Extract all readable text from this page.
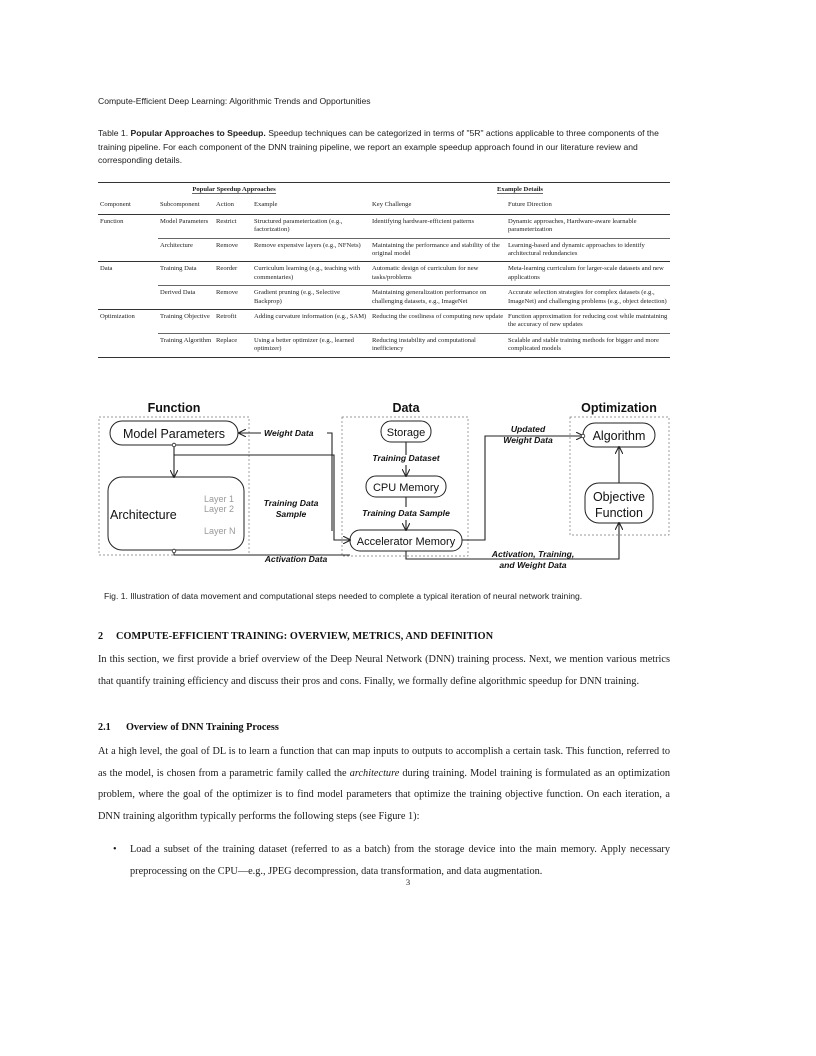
Compute-Efficient Deep Learning: Algorithmic Trends and Opportunities
Table 1. Popular Approaches to Speedup. Speedup techniques can be categorized in terms of "5R" actions applicable to three components of the training pipeline. For each component of the DNN training pipeline, we report an example speedup approach found in our literature review and corresponding details.
Popular Speedup Approaches				Example Details	
Component	Subcomponent	Action	Example	Key Challenge	Future Direction
Function	Model Parameters	Restrict	Structured parameterization (e.g., factorization)	Identifying hardware-efficient patterns	Dynamic approaches, Hardware-aware learnable parameterization
	Architecture	Remove	Remove expensive layers (e.g., NFNets)	Maintaining the performance and stability of the original model	Learning-based and dynamic approaches to identify architectural redundancies
Data	Training Data	Reorder	Curriculum learning (e.g., teaching with commentaries)	Automatic design of curriculum for new tasks/problems	Meta-learning curriculum for larger-scale datasets and new applications
	Derived Data	Remove	Gradient pruning (e.g., Selective Backprop)	Maintaining generalization performance on challenging datasets, e.g., ImageNet	Accurate selection strategies for complex datasets (e.g., ImageNet) and challenging problems (e.g., object detection)
Optimization	Training Objective	Retrofit	Adding curvature information (e.g., SAM)	Reducing the costliness of computing new update	Function approximation for reducing cost while maintaining the accuracy of new updates
	Training Algorithm	Replace	Using a better optimizer (e.g., learned optimizer)	Reducing instability and computational inefficiency	Scalable and stable training methods for bigger and more complicated models
Function	Data	Optimization
Model Parameters
Architecture
Layer 1
Layer 2
Layer N
Storage
CPU Memory
Accelerator Memory
Algorithm
Objective
Function
Weight Data
Training Data
Sample
Training Dataset
Training Data Sample
Updated
Weight Data
Activation, Training,
and Weight Data
Activation Data
Fig. 1. Illustration of data movement and computational steps needed to complete a typical iteration of neural network training.
2 COMPUTE-EFFICIENT TRAINING: OVERVIEW, METRICS, AND DEFINITION
In this section, we first provide a brief overview of the Deep Neural Network (DNN) training process. Next, we mention various metrics that quantify training efficiency and discuss their pros and cons. Finally, we formally define algorithmic speedup for DNN training.
2.1 Overview of DNN Training Process
At a high level, the goal of DL is to learn a function that can map inputs to outputs to accomplish a certain task. This function, referred to as the model, is chosen from a parametric family called the architecture during training. Model training is formulated as an optimization problem, where the goal of the optimizer is to find model parameters that optimize the training objective function. On each iteration, a DNN training algorithm typically performs the following steps (see Figure 1):
• Load a subset of the training dataset (referred to as a batch) from the storage device into the main memory. Apply necessary preprocessing on the CPU—e.g., JPEG decompression, data transformation, and data augmentation.
3
